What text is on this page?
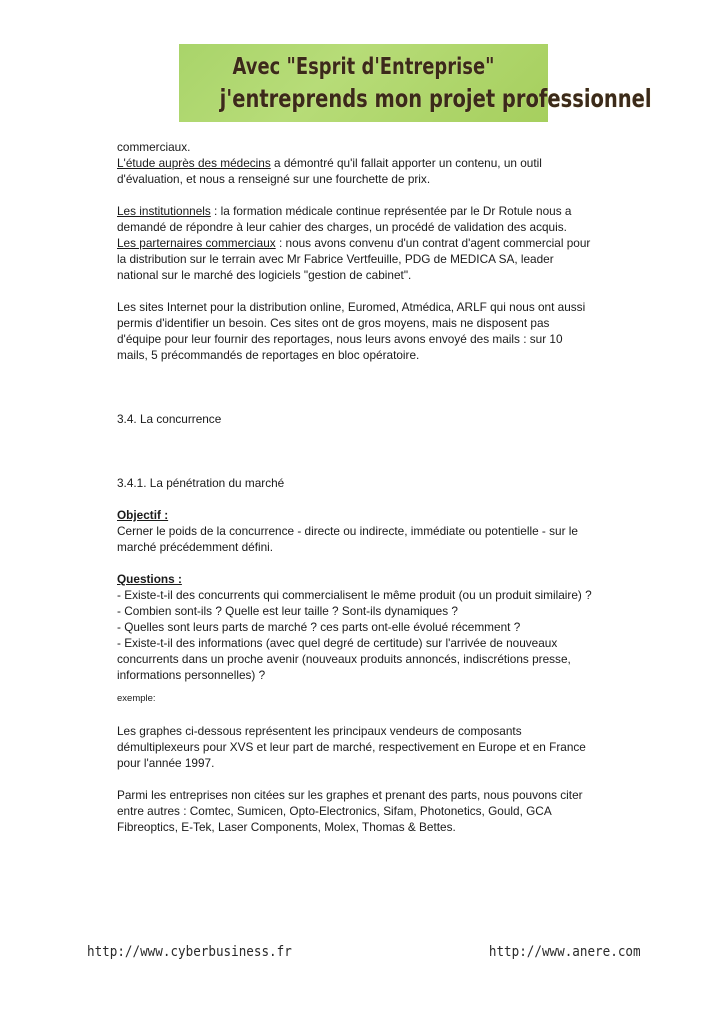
Avec "Esprit d'Entreprise"
j'entreprends mon projet professionnel

commerciaux.

L'étude auprès des médecins a démontré qu'il fallait apporter un contenu, un outil

d'évaluation, et nous a renseigné sur une fourchette de prix.

Les institutionnels : la formation médicale continue représentée par le Dr Rotule nous a

demandé de répondre à leur cahier des charges, un procédé de validation des acquis.

Les parternaires commerciaux : nous avons convenu d'un contrat d'agent commercial pour

la distribution sur le terrain avec Mr Fabrice Vertfeuille, PDG de MEDICA SA, leader

national sur le marché des logiciels "gestion de cabinet".

Les sites Internet pour la distribution online, Euromed, Atmédica, ARLF qui nous ont aussi

permis d'identifier un besoin. Ces sites ont de gros moyens, mais ne disposent pas

d'équipe pour leur fournir des reportages, nous leurs avons envoyé des mails : sur 10

mails, 5 précommandés de reportages en bloc opératoire.

3.4. La concurrence

3.4.1. La pénétration du marché

Objectif :

Cerner le poids de la concurrence - directe ou indirecte, immédiate ou potentielle - sur le

marché précédemment défini.

Questions :

- Existe-t-il des concurrents qui commercialisent le même produit (ou un produit similaire) ?

- Combien sont-ils ? Quelle est leur taille ? Sont-ils dynamiques ?

- Quelles sont leurs parts de marché ? ces parts ont-elle évolué récemment ?

- Existe-t-il des informations (avec quel degré de certitude) sur l'arrivée de nouveaux

concurrents dans un proche avenir (nouveaux produits annoncés, indiscrétions presse,

informations personnelles) ?

exemple:

Les graphes ci-dessous représentent les principaux vendeurs de composants

démultiplexeurs pour XVS et leur part de marché, respectivement en Europe et en France

pour l'année 1997.

Parmi les entreprises non citées sur les graphes et prenant des parts, nous pouvons citer

entre autres : Comtec, Sumicen, Opto-Electronics, Sifam, Photonetics, Gould, GCA

Fibreoptics, E-Tek, Laser Components, Molex, Thomas & Bettes.

http://www.cyberbusiness.fr	http://www.anere.com
